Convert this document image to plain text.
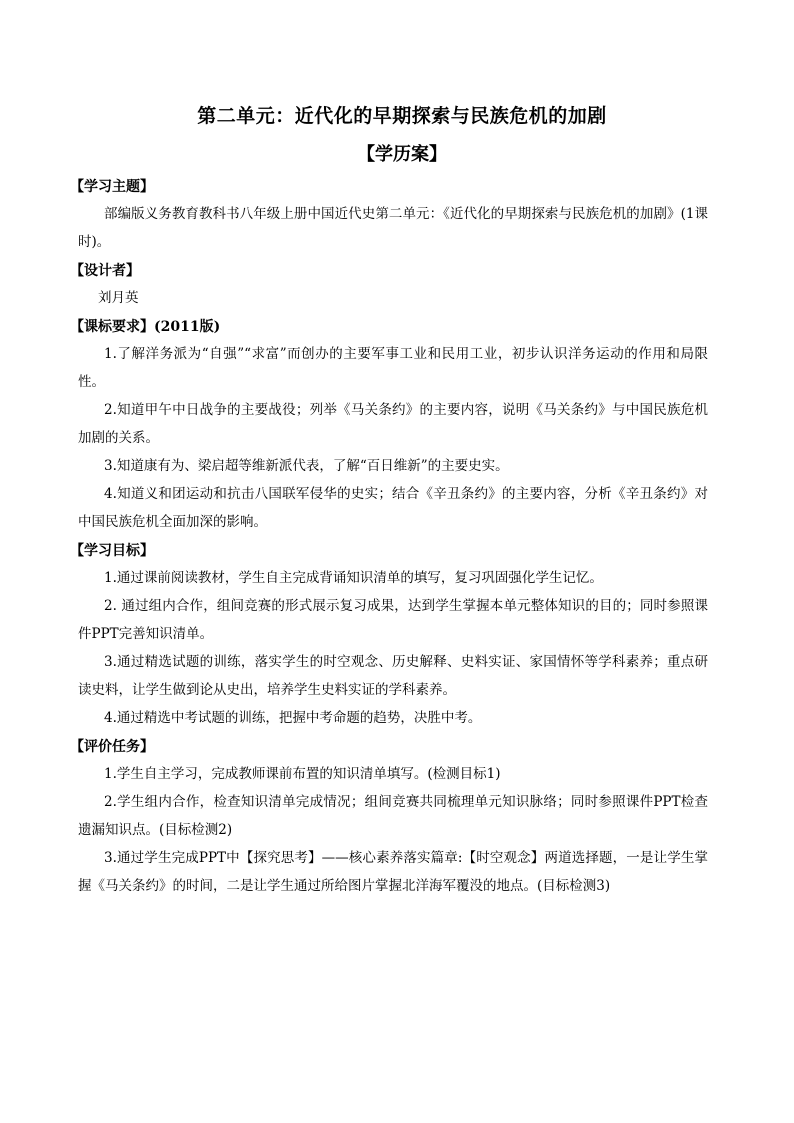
第二单元：近代化的早期探索与民族危机的加剧
【学历案】
【学习主题】

部编版义务教育教科书八年级上册中国近代史第二单元：《近代化的早期探索与民族危机的加剧》(1课时)。

【设计者】

刘月英

【课标要求】(2011版)

1.了解洋务派为“自强”“求富”而创办的主要军事工业和民用工业，初步认识洋务运动的作用和局限性。

2.知道甲午中日战争的主要战役；列举《马关条约》的主要内容，说明《马关条约》与中国民族危机加剧的关系。

3.知道康有为、梁启超等维新派代表，了解“百日维新”的主要史实。

4.知道义和团运动和抗击八国联军侵华的史实；结合《辛丑条约》的主要内容，分析《辛丑条约》对中国民族危机全面加深的影响。

【学习目标】

1.通过课前阅读教材，学生自主完成背诵知识清单的填写，复习巩固强化学生记忆。

2. 通过组内合作，组间竞赛的形式展示复习成果，达到学生掌握本单元整体知识的目的；同时参照课件PPT完善知识清单。

3.通过精选试题的训练，落实学生的时空观念、历史解释、史料实证、家国情怀等学科素养；重点研读史料，让学生做到论从史出，培养学生史料实证的学科素养。

4.通过精选中考试题的训练，把握中考命题的趋势，决胜中考。

【评价任务】

1.学生自主学习，完成教师课前布置的知识清单填写。(检测目标1)

2.学生组内合作，检查知识清单完成情况；组间竞赛共同梳理单元知识脉络；同时参照课件PPT检查遗漏知识点。(目标检测2)

3.通过学生完成PPT中【探究思考】——核心素养落实篇章:【时空观念】两道选择题，一是让学生掌握《马关条约》的时间，二是让学生通过所给图片掌握北洋海军覆没的地点。(目标检测3)
